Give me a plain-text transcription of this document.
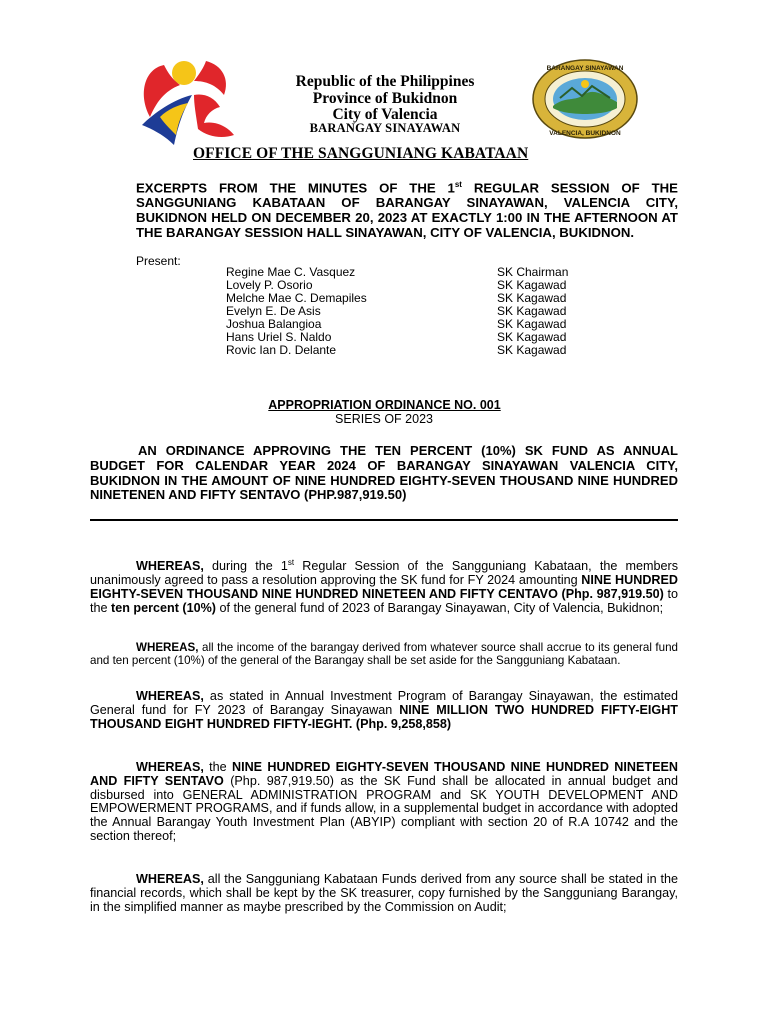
BARANGAY SINAYAWAN
VALENCIA, BUKIDNON
Republic of the Philippines
Province of Bukidnon
City of Valencia
BARANGAY SINAYAWAN
OFFICE OF THE SANGGUNIANG KABATAAN
EXCERPTS FROM THE MINUTES OF THE 1st REGULAR SESSION OF THE SANGGUNIANG KABATAAN OF BARANGAY SINAYAWAN, VALENCIA CITY, BUKIDNON HELD ON DECEMBER 20, 2023 AT EXACTLY 1:00 IN THE AFTERNOON AT THE BARANGAY SESSION HALL SINAYAWAN, CITY OF VALENCIA, BUKIDNON.
Present:
Regine Mae C. Vasquez	SK Chairman
Lovely P. Osorio	SK Kagawad
Melche Mae C. Demapiles	SK Kagawad
Evelyn E. De Asis	SK Kagawad
Joshua Balangioa	SK Kagawad
Hans Uriel S. Naldo	SK Kagawad
Rovic Ian D. Delante	SK Kagawad
APPROPRIATION ORDINANCE NO. 001
SERIES OF 2023
AN ORDINANCE APPROVING THE TEN PERCENT (10%) SK FUND AS ANNUAL BUDGET FOR CALENDAR YEAR 2024 OF BARANGAY SINAYAWAN VALENCIA CITY, BUKIDNON IN THE AMOUNT OF NINE HUNDRED EIGHTY-SEVEN THOUSAND NINE HUNDRED NINETENEN AND FIFTY SENTAVO (PHP.987,919.50)
WHEREAS, during the 1st Regular Session of the Sangguniang Kabataan, the members unanimously agreed to pass a resolution approving the SK fund for FY 2024 amounting NINE HUNDRED EIGHTY-SEVEN THOUSAND NINE HUNDRED NINETEEN AND FIFTY CENTAVO (Php. 987,919.50) to the ten percent (10%) of the general fund of 2023 of Barangay Sinayawan, City of Valencia, Bukidnon;
WHEREAS, all the income of the barangay derived from whatever source shall accrue to its general fund and ten percent (10%) of the general of the Barangay shall be set aside for the Sangguniang Kabataan.
WHEREAS, as stated in Annual Investment Program of Barangay Sinayawan, the estimated General fund for FY 2023 of Barangay Sinayawan NINE MILLION TWO HUNDRED FIFTY-EIGHT THOUSAND EIGHT HUNDRED FIFTY-IEGHT. (Php. 9,258,858)
WHEREAS, the NINE HUNDRED EIGHTY-SEVEN THOUSAND NINE HUNDRED NINETEEN AND FIFTY SENTAVO (Php. 987,919.50) as the SK Fund shall be allocated in annual budget and disbursed into GENERAL ADMINISTRATION PROGRAM and SK YOUTH DEVELOPMENT AND EMPOWERMENT PROGRAMS, and if funds allow, in a supplemental budget in accordance with adopted the Annual Barangay Youth Investment Plan (ABYIP) compliant with section 20 of R.A 10742 and the section thereof;
WHEREAS, all the Sangguniang Kabataan Funds derived from any source shall be stated in the financial records, which shall be kept by the SK treasurer, copy furnished by the Sangguniang Barangay, in the simplified manner as maybe prescribed by the Commission on Audit;
